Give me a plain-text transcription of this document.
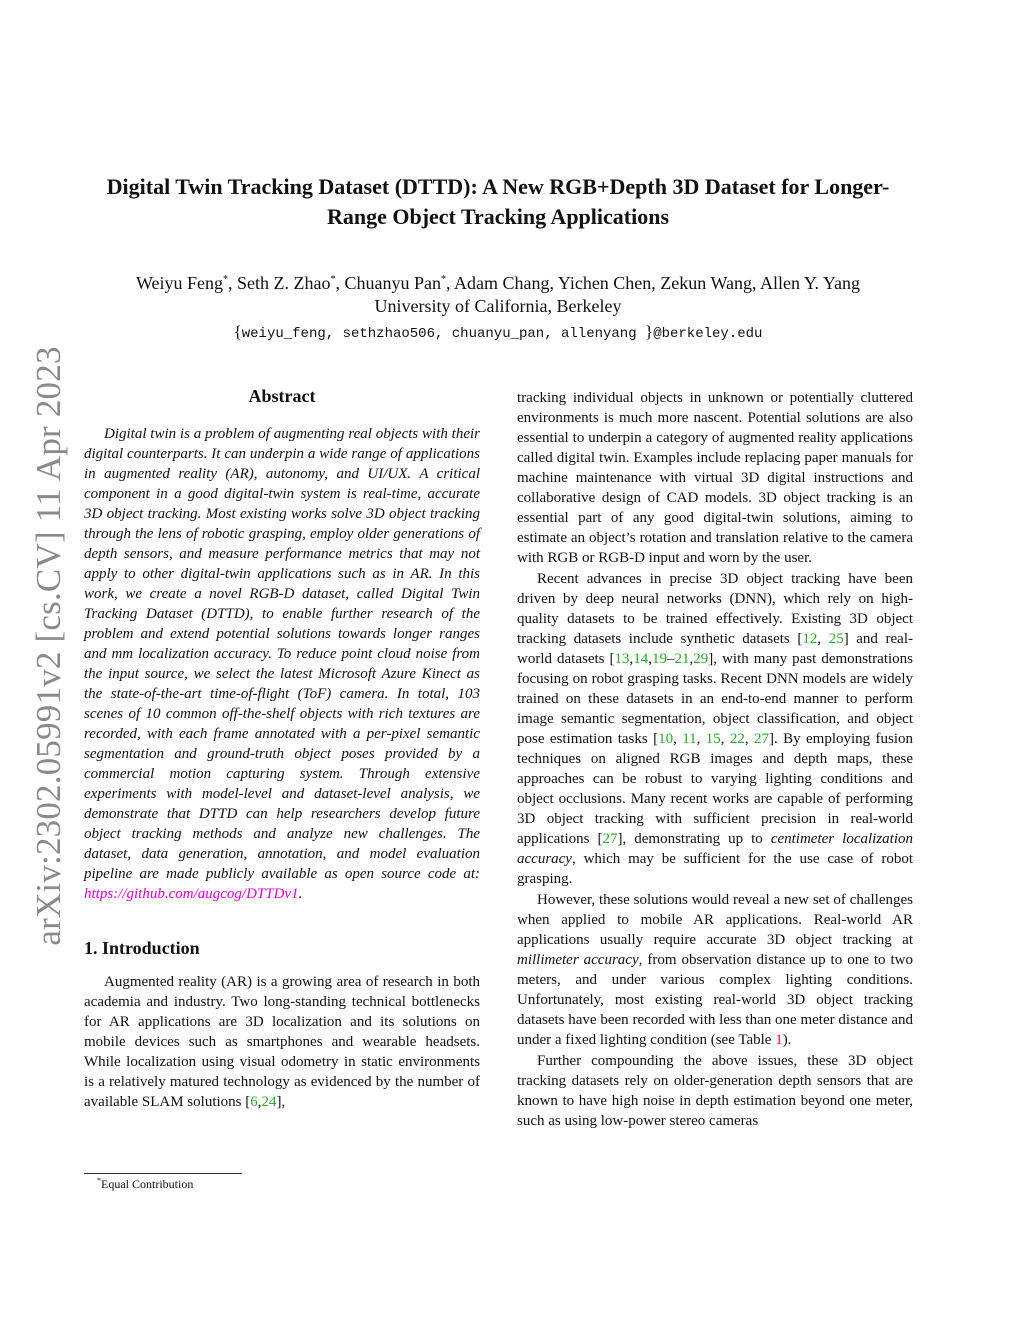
arXiv:2302.05991v2 [cs.CV] 11 Apr 2023
Digital Twin Tracking Dataset (DTTD): A New RGB+Depth 3D Dataset for Longer-Range Object Tracking Applications
Weiyu Feng*, Seth Z. Zhao*, Chuanyu Pan*, Adam Chang, Yichen Chen, Zekun Wang, Allen Y. Yang
University of California, Berkeley
{weiyu_feng, sethzhao506, chuanyu_pan, allenyang }@berkeley.edu
Abstract

Digital twin is a problem of augmenting real objects with their digital counterparts. It can underpin a wide range of applications in augmented reality (AR), autonomy, and UI/UX. A critical component in a good digital-twin system is real-time, accurate 3D object tracking. Most existing works solve 3D object tracking through the lens of robotic grasping, employ older generations of depth sensors, and measure performance metrics that may not apply to other digital-twin applications such as in AR. In this work, we create a novel RGB-D dataset, called Digital Twin Tracking Dataset (DTTD), to enable further research of the problem and extend potential solutions towards longer ranges and mm localization accuracy. To reduce point cloud noise from the input source, we select the latest Microsoft Azure Kinect as the state-of-the-art time-of-flight (ToF) camera. In total, 103 scenes of 10 common off-the-shelf objects with rich textures are recorded, with each frame annotated with a per-pixel semantic segmentation and ground-truth object poses provided by a commercial motion capturing system. Through extensive experiments with model-level and dataset-level analysis, we demonstrate that DTTD can help researchers develop future object tracking methods and analyze new challenges. The dataset, data generation, annotation, and model evaluation pipeline are made publicly available as open source code at: https://github.com/augcog/DTTDv1.

1. Introduction

Augmented reality (AR) is a growing area of research in both academia and industry. Two long-standing technical bottlenecks for AR applications are 3D localization and its solutions on mobile devices such as smartphones and wearable headsets. While localization using visual odometry in static environments is a relatively matured technology as evidenced by the number of available SLAM solutions [6,24],

tracking individual objects in unknown or potentially cluttered environments is much more nascent. Potential solutions are also essential to underpin a category of augmented reality applications called digital twin. Examples include replacing paper manuals for machine maintenance with virtual 3D digital instructions and collaborative design of CAD models. 3D object tracking is an essential part of any good digital-twin solutions, aiming to estimate an object’s rotation and translation relative to the camera with RGB or RGB-D input and worn by the user.

Recent advances in precise 3D object tracking have been driven by deep neural networks (DNN), which rely on high-quality datasets to be trained effectively. Existing 3D object tracking datasets include synthetic datasets [12, 25] and real-world datasets [13,14,19–21,29], with many past demonstrations focusing on robot grasping tasks. Recent DNN models are widely trained on these datasets in an end-to-end manner to perform image semantic segmentation, object classification, and object pose estimation tasks [10, 11, 15, 22, 27]. By employing fusion techniques on aligned RGB images and depth maps, these approaches can be robust to varying lighting conditions and object occlusions. Many recent works are capable of performing 3D object tracking with sufficient precision in real-world applications [27], demonstrating up to centimeter localization accuracy, which may be sufficient for the use case of robot grasping.

However, these solutions would reveal a new set of challenges when applied to mobile AR applications. Real-world AR applications usually require accurate 3D object tracking at millimeter accuracy, from observation distance up to one to two meters, and under various complex lighting conditions. Unfortunately, most existing real-world 3D object tracking datasets have been recorded with less than one meter distance and under a fixed lighting condition (see Table 1).

Further compounding the above issues, these 3D object tracking datasets rely on older-generation depth sensors that are known to have high noise in depth estimation beyond one meter, such as using low-power stereo cameras

*Equal Contribution
